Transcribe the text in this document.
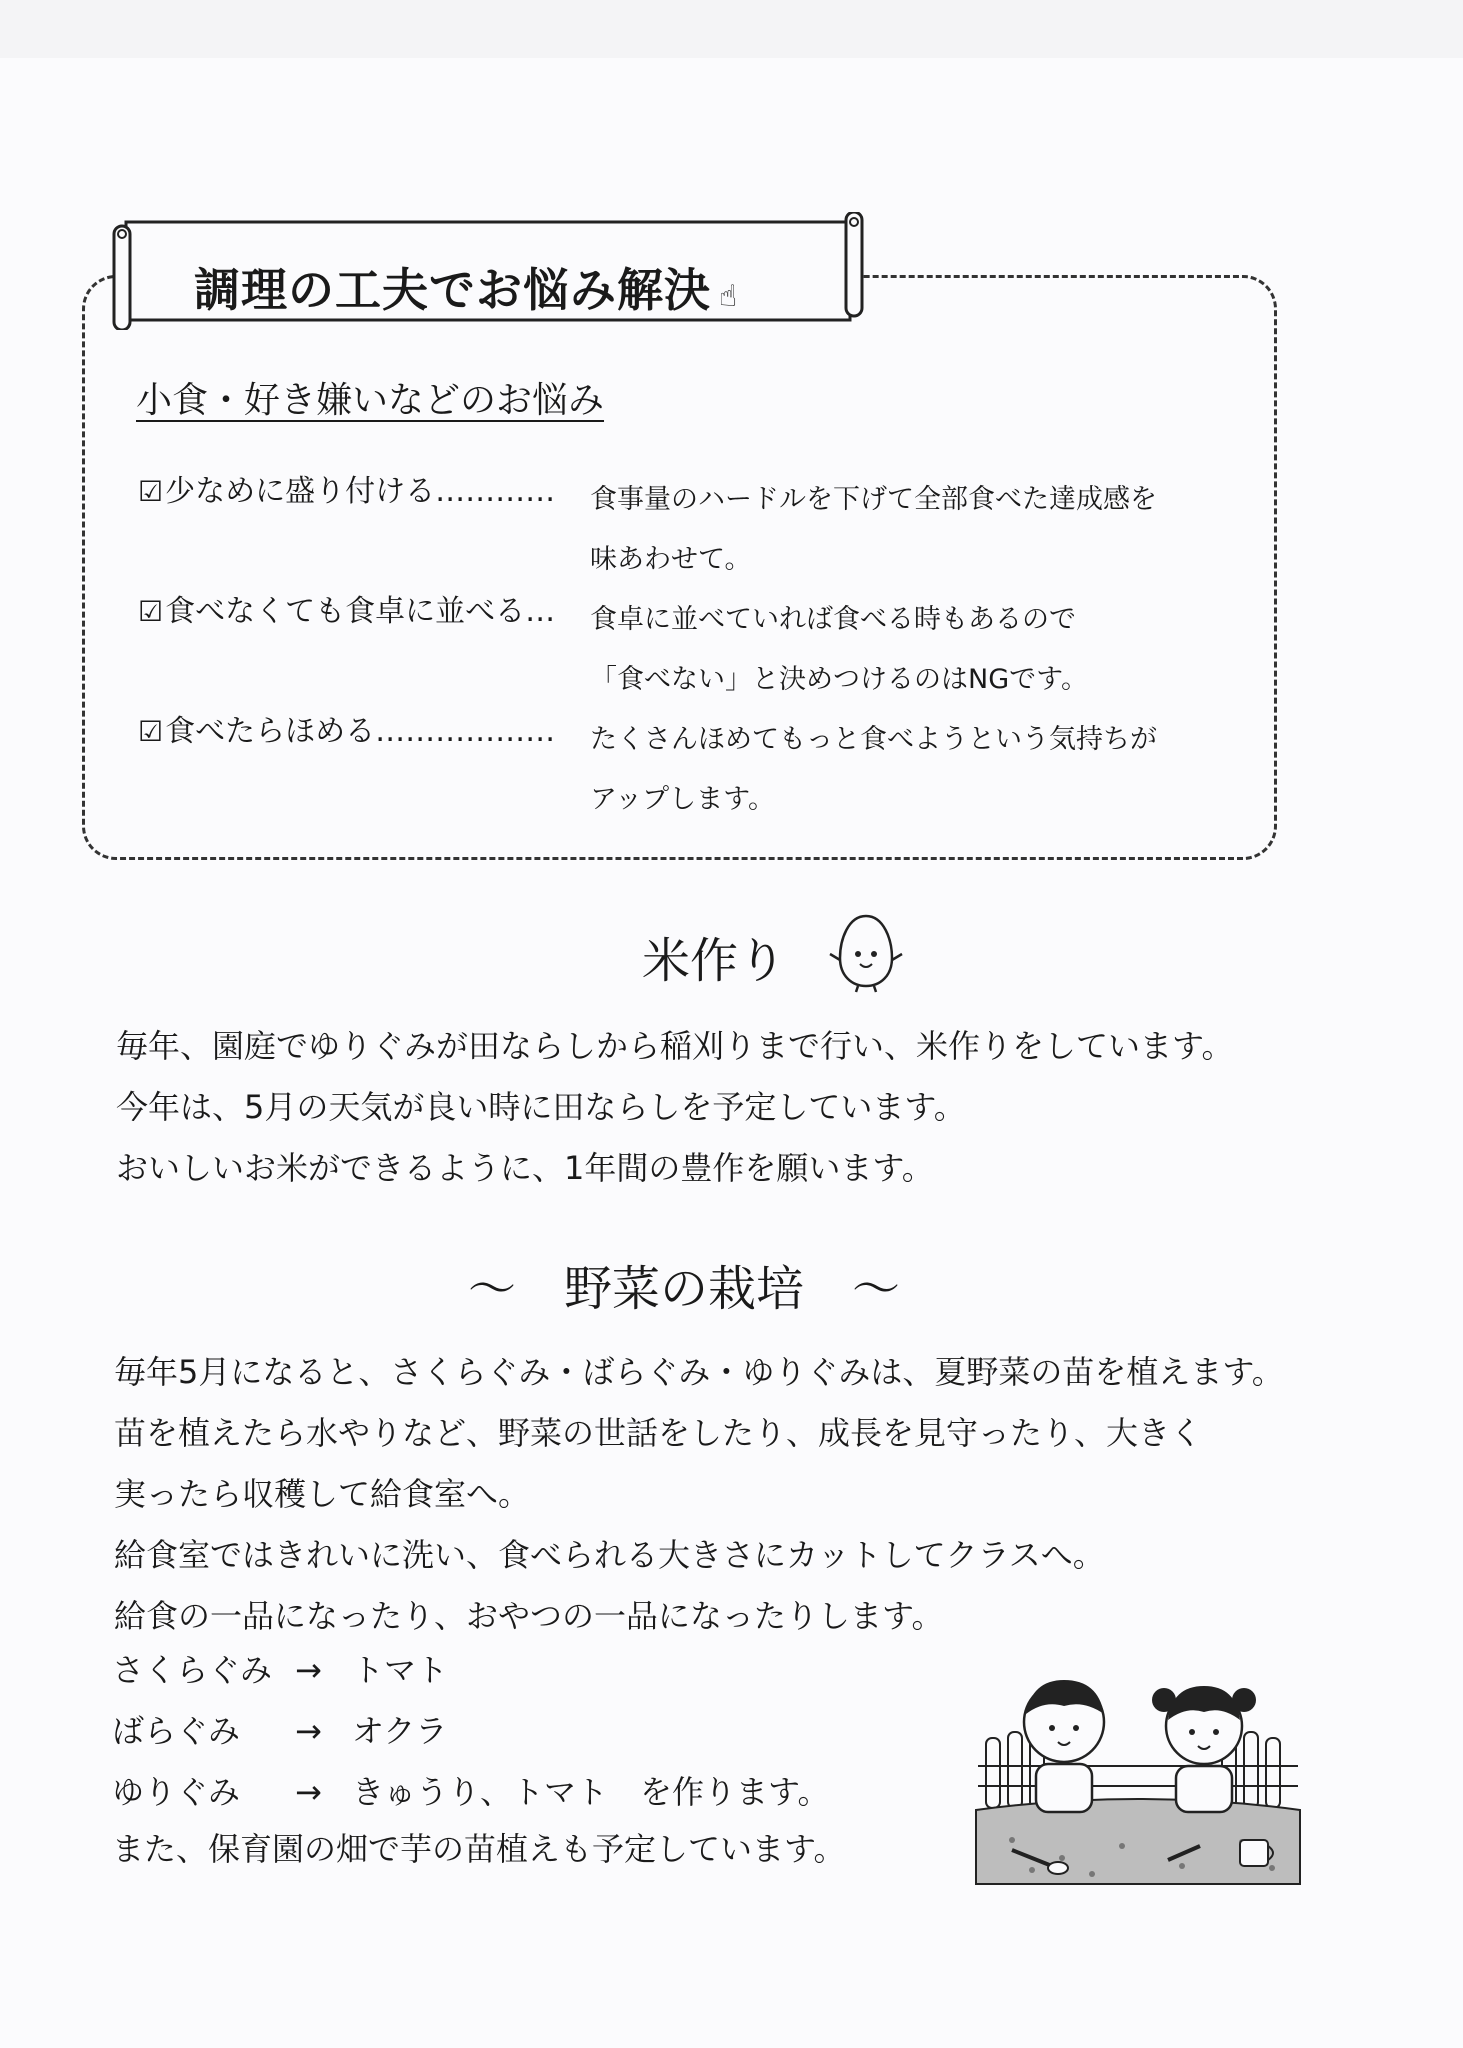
調理の工夫でお悩み解決 ☝
小食・好き嫌いなどのお悩み
☑少なめに盛り付ける………… 食事量のハードルを下げて全部食べた達成感を
味あわせて。
☑食べなくても食卓に並べる… 食卓に並べていれば食べる時もあるので
「食べない」と決めつけるのはNGです。
☑食べたらほめる……………… たくさんほめてもっと食べようという気持ちが
アップします。
米作り

毎年、園庭でゆりぐみが田ならしから稲刈りまで行い、米作りをしています。

今年は、5月の天気が良い時に田ならしを予定しています。

おいしいお米ができるように、1年間の豊作を願います。

～　野菜の栽培　～

毎年5月になると、さくらぐみ・ばらぐみ・ゆりぐみは、夏野菜の苗を植えます。

苗を植えたら水やりなど、野菜の世話をしたり、成長を見守ったり、大きく

実ったら収穫して給食室へ。

給食室ではきれいに洗い、食べられる大きさにカットしてクラスへ。

給食の一品になったり、おやつの一品になったりします。

さくらぐみ → トマト
ばらぐみ → オクラ
ゆりぐみ → きゅうり、トマト　を作ります。
また、保育園の畑で芋の苗植えも予定しています。
